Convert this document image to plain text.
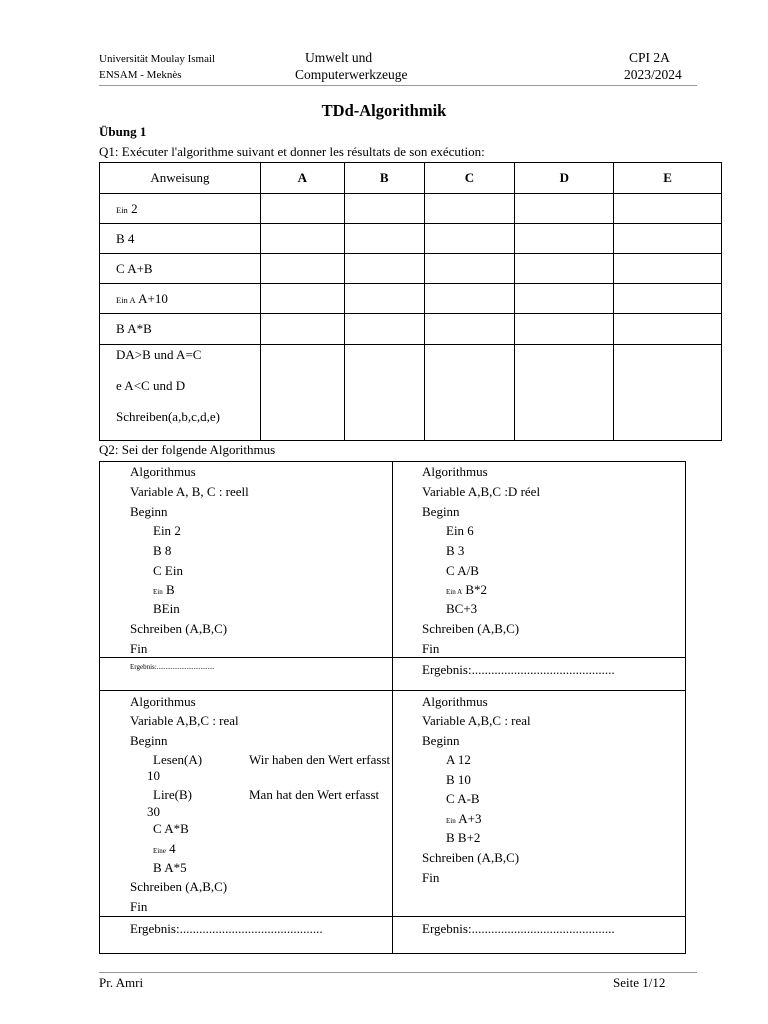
Universität Moulay Ismail
ENSAM - Meknès
Umwelt und
Computerwerkzeuge
CPI 2A
2023/2024
TDd-Algorithmik
Übung 1
Q1: Exécuter l'algorithme suivant et donner les résultats de son exécution:
Anweisung	A	B	C	D	E
Ein 2					
B 4					
C A+B					
Ein A A+10					
B A*B					

DA>B und A=C
e A<C und D
Schreiben(a,b,c,d,e)					

Q2: Sei der folgende Algorithmus
Algorithmus
Variable A, B, C : reell
Beginn
Ein 2
B 8
C Ein
Ein B
BEin
Schreiben (A,B,C)
Fin
Ergebnis:.................................
Algorithmus
Variable A,B,C :D réel
Beginn
Ein 6
B 3
C A/B
Ein A B*2
BC+3
Schreiben (A,B,C)
Fin
Ergebnis:............................................
Algorithmus
Variable A,B,C : real
Beginn
Lesen(A)	Wir haben den Wert erfasst
10
Lire(B)	Man hat den Wert erfasst
30
C A*B
Eine 4
B A*5
Schreiben (A,B,C)
Fin
Ergebnis:............................................
Algorithmus
Variable A,B,C : real
Beginn
A 12
B 10
C A-B
Ein A+3
B B+2
Schreiben (A,B,C)
Fin
Ergebnis:............................................
Pr. Amri	Seite 1/12
